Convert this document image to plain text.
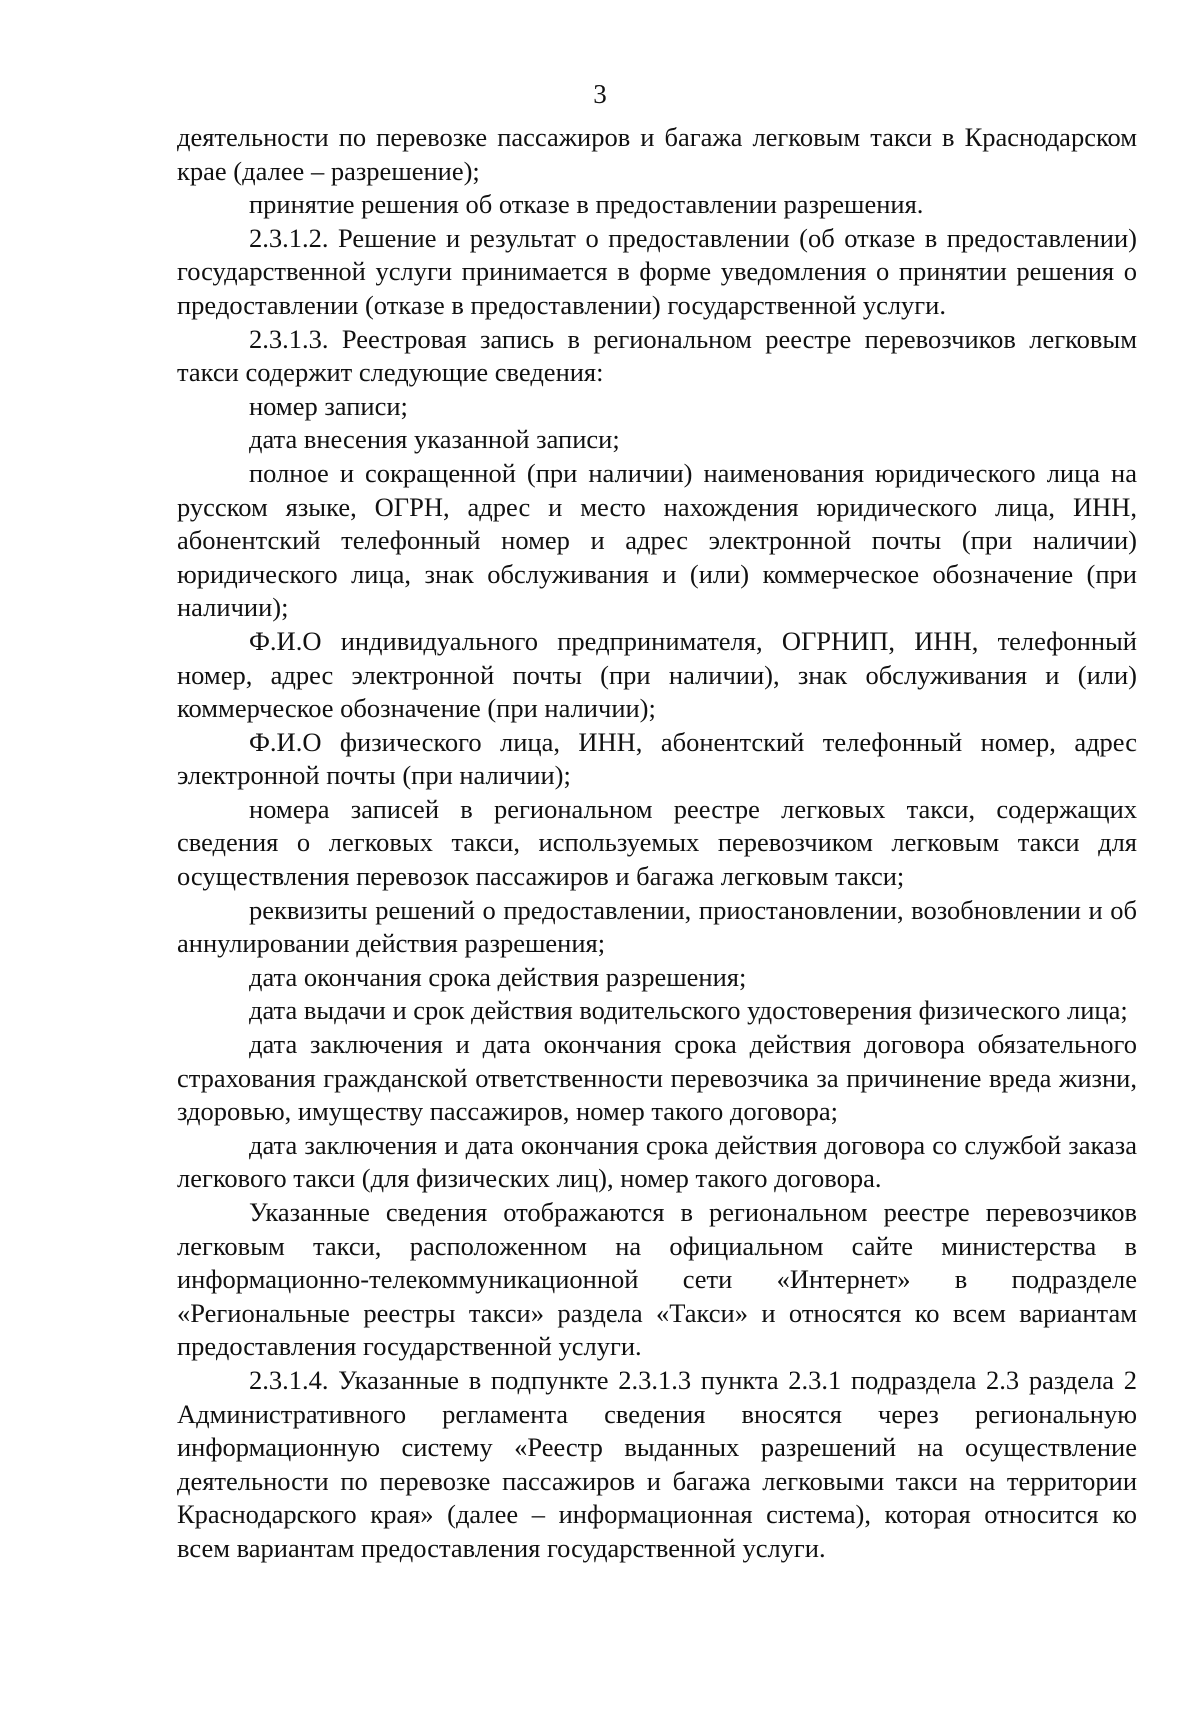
3

деятельности по перевозке пассажиров и багажа легковым такси в Краснодарском крае (далее – разрешение);

принятие решения об отказе в предоставлении разрешения.

2.3.1.2. Решение и результат о предоставлении (об отказе в предоставлении) государственной услуги принимается в форме уведомления о принятии решения о предоставлении (отказе в предоставлении) государственной услуги.

2.3.1.3. Реестровая запись в региональном реестре перевозчиков легковым такси содержит следующие сведения:

номер записи;

дата внесения указанной записи;

полное и сокращенной (при наличии) наименования юридического лица на русском языке, ОГРН, адрес и место нахождения юридического лица, ИНН, абонентский телефонный номер и адрес электронной почты (при наличии) юридического лица, знак обслуживания и (или) коммерческое обозначение (при наличии);

Ф.И.О индивидуального предпринимателя, ОГРНИП, ИНН, телефонный номер, адрес электронной почты (при наличии), знак обслуживания и (или) коммерческое обозначение (при наличии);

Ф.И.О физического лица, ИНН, абонентский телефонный номер, адрес электронной почты (при наличии);

номера записей в региональном реестре легковых такси, содержащих сведения о легковых такси, используемых перевозчиком легковым такси для осуществления перевозок пассажиров и багажа легковым такси;

реквизиты решений о предоставлении, приостановлении, возобновлении и об аннулировании действия разрешения;

дата окончания срока действия разрешения;

дата выдачи и срок действия водительского удостоверения физического лица;

дата заключения и дата окончания срока действия договора обязательного страхования гражданской ответственности перевозчика за причинение вреда жизни, здоровью, имуществу пассажиров, номер такого договора;

дата заключения и дата окончания срока действия договора со службой заказа легкового такси (для физических лиц), номер такого договора.

Указанные сведения отображаются в региональном реестре перевозчиков легковым такси, расположенном на официальном сайте министерства в информационно-телекоммуникационной сети «Интернет» в подразделе «Региональные реестры такси» раздела «Такси» и относятся ко всем вариантам предоставления государственной услуги.

2.3.1.4. Указанные в подпункте 2.3.1.3 пункта 2.3.1 подраздела 2.3 раздела 2 Административного регламента сведения вносятся через региональную информационную систему «Реестр выданных разрешений на осуществление деятельности по перевозке пассажиров и багажа легковыми такси на территории Краснодарского края» (далее – информационная система), которая относится ко всем вариантам предоставления государственной услуги.
